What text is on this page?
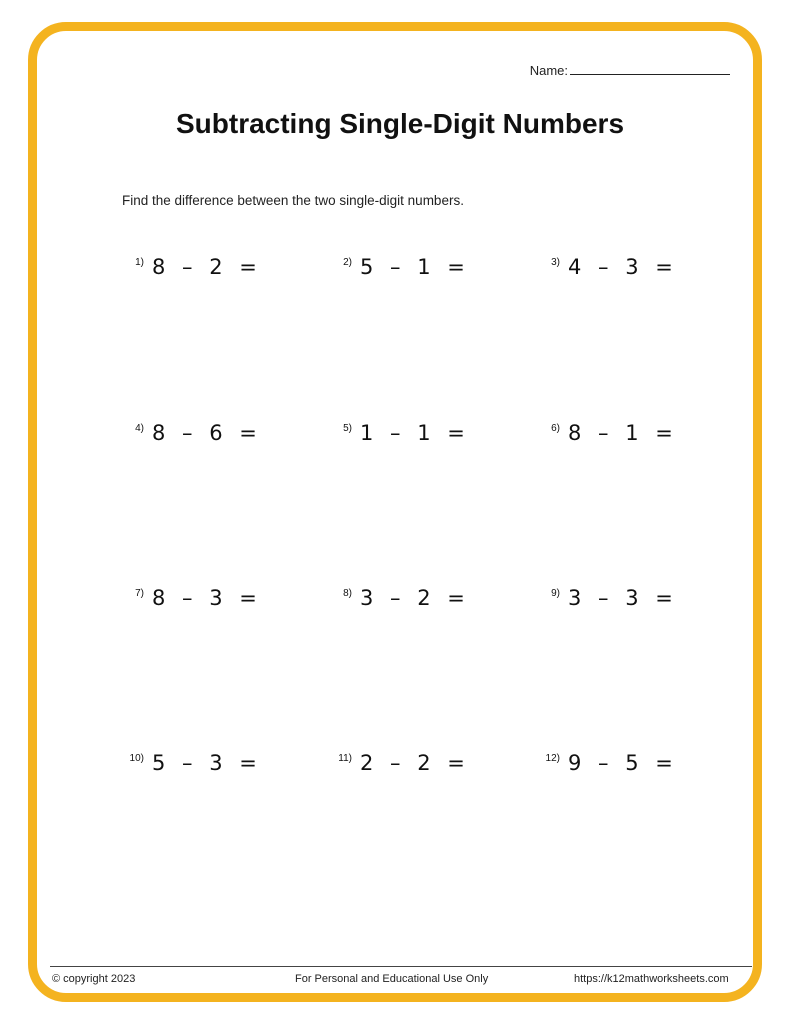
Name:
Subtracting Single-Digit Numbers
Find the difference between the two single-digit numbers.
1) 8 – 2 =	2) 5 – 1 =	3) 4 – 3 =
4) 8 – 6 =	5) 1 – 1 =	6) 8 – 1 =
7) 8 – 3 =	8) 3 – 2 =	9) 3 – 3 =
10) 5 – 3 =	11) 2 – 2 =	12) 9 – 5 =
© copyright 2023	For Personal and Educational Use Only	https://k12mathworksheets.com
